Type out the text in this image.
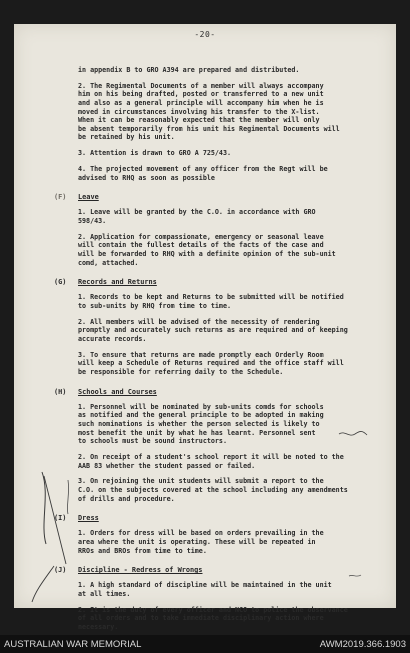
-20-
in appendix B to GRO A394 are prepared and distributed.
2. The Regimental Documents of a member will always accompany
him on his being drafted, posted or transferred to a new unit
and also as a general principle will accompany him when he is
moved in circumstances involving his transfer to the X-list.
When it can be reasonably expected that the member will only
be absent temporarily from his unit his Regimental Documents will
be retained by his unit.
3. Attention is drawn to GRO A 725/43.
4. The projected movement of any officer from the Regt will be
advised to RHQ as soon as possible
(F) Leave
1. Leave will be granted by the C.O. in accordance with GRO
598/43.
2. Application for compassionate, emergency or seasonal leave
will contain the fullest details of the facts of the case and
will be forwarded to RHQ with a definite opinion of the sub-unit
comd, attached.
(G) Records and Returns
1. Records to be kept and Returns to be submitted will be notified
to sub-units by RHQ from time to time.
2. All members will be advised of the necessity of rendering
promptly and accurately such returns as are required and of keeping
accurate records.
3. To ensure that returns are made promptly each Orderly Room
will keep a Schedule of Returns required and the office staff will
be responsible for referring daily to the Schedule.
(H) Schools and Courses
1. Personnel will be nominated by sub-units comds for schools
as notified and the general principle to be adopted in making
such nominations is whether the person selected is likely to
most benefit the unit by what he has learnt. Personnel sent
to schools must be sound instructors.
2. On receipt of a student's school report it will be noted to the
AAB 83 whether the student passed or failed.
3. On rejoining the unit students will submit a report to the
C.O. on the subjects covered at the school including any amendments
of drills and procedure.
(I) Dress
1. Orders for dress will be based on orders prevailing in the
area where the unit is operating. These will be repeated in
RROs and BROs from time to time.
(J) Discipline - Redress of Wrongs
1. A high standard of discipline will be maintained in the unit
at all times.
2. It is the duty of every officer and NCO to police the observance
of all orders and to take immediate disciplinary action where
necessary.
AUSTRALIAN WAR MEMORIAL	AWM2019.366.1903
